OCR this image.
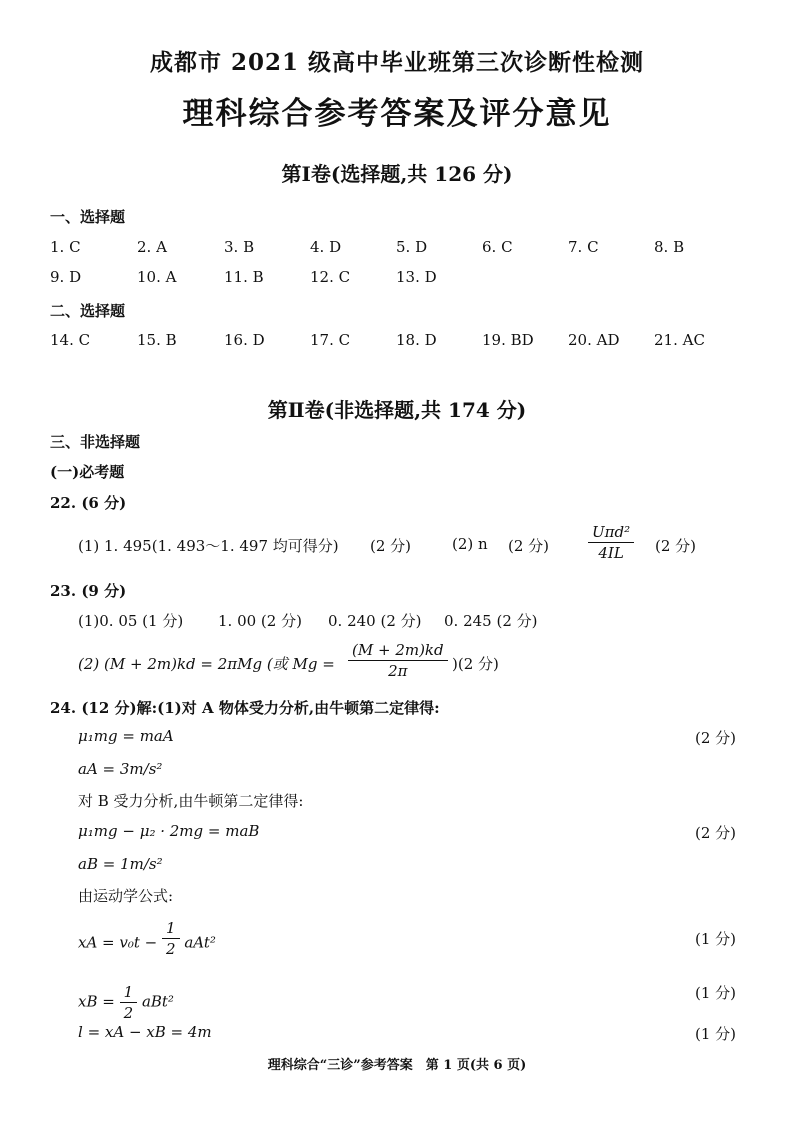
成都市 2021 级高中毕业班第三次诊断性检测
理科综合参考答案及评分意见
第Ⅰ卷(选择题,共 126 分)
一、选择题
1. C	2. A	3. B	4. D	5. D	6. C	7. C	8. B
9. D	10. A	11. B	12. C	13. D
二、选择题
14. C	15. B	16. D	17. C	18. D	19. BD 20. AD 21. AC
第Ⅱ卷(非选择题,共 174 分)
三、非选择题
(一)必考题
22. (6 分)
(1) 1. 495(1. 493～1. 497 均可得分) (2 分)	(2) n (2 分)	$\frac{\text{Uπd²}}{4IL} (2$ 分)
23. (9 分)
(1)0. 05 (1 分) 1. 00 (2 分) 0. 240 (2 分) 0. 245 (2 分)
(2) (M + 2m)kd = 2πMg (或 $Mg = \frac{(M + 2m)kd}{2\pi} )(2$ 分)
24. (12 分)解:(1)对 A 物体受力分析,由牛顿第二定律得:
μ₁mg = maA	(2 分)
aA = 3m/s²
对 B 受力分析,由牛顿第二定律得:
μ₁mg − μ₂ · 2mg = maB	(2 分)
aB = 1m/s²
由运动学公式:
xA = $v_0t - \frac{1}{2} aAt^2$	(1 分)
xB = $\frac{1}{2} aBt^2$	(1 分)
l = xA − xB = 4m	(1 分)
理科综合“三诊”参考答案　第 1 页(共 6 页)
